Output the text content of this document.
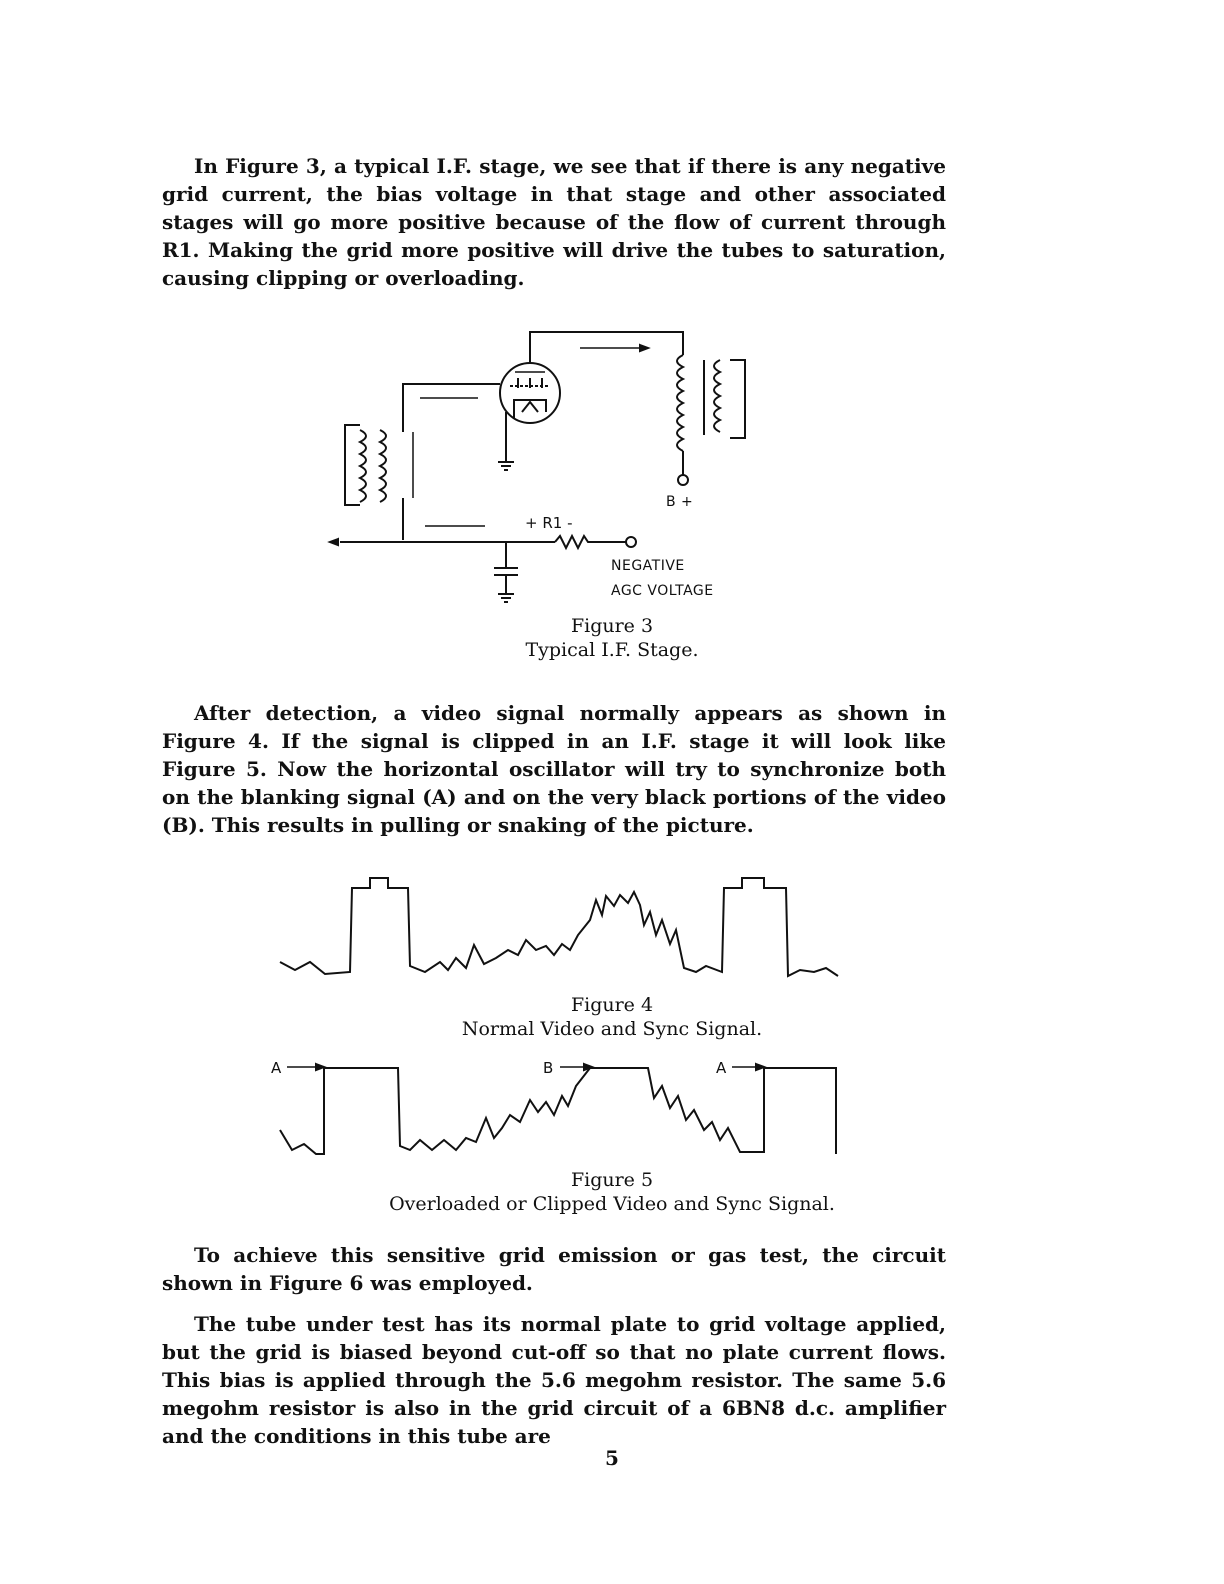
In Figure 3, a typical I.F. stage, we see that if there is any negative grid current, the bias voltage in that stage and other associated stages will go more positive because of the flow of current through R1. Making the grid more positive will drive the tubes to saturation, causing clipping or overloading.

B +
+ R1 -
NEGATIVE
AGC VOLTAGE
A	B	A
Figure 3
Typical I.F. Stage.

After detection, a video signal normally appears as shown in Figure 4. If the signal is clipped in an I.F. stage it will look like Figure 5. Now the horizontal oscillator will try to synchronize both on the blanking signal (A) and on the very black portions of the video (B). This results in pulling or snaking of the picture.

Figure 4
Normal Video and Sync Signal.
Figure 5
Overloaded or Clipped Video and Sync Signal.

To achieve this sensitive grid emission or gas test, the circuit shown in Figure 6 was employed.

The tube under test has its normal plate to grid voltage applied, but the grid is biased beyond cut-off so that no plate current flows. This bias is applied through the 5.6 megohm resistor. The same 5.6 megohm resistor is also in the grid circuit of a 6BN8 d.c. amplifier and the conditions in this tube are

5
